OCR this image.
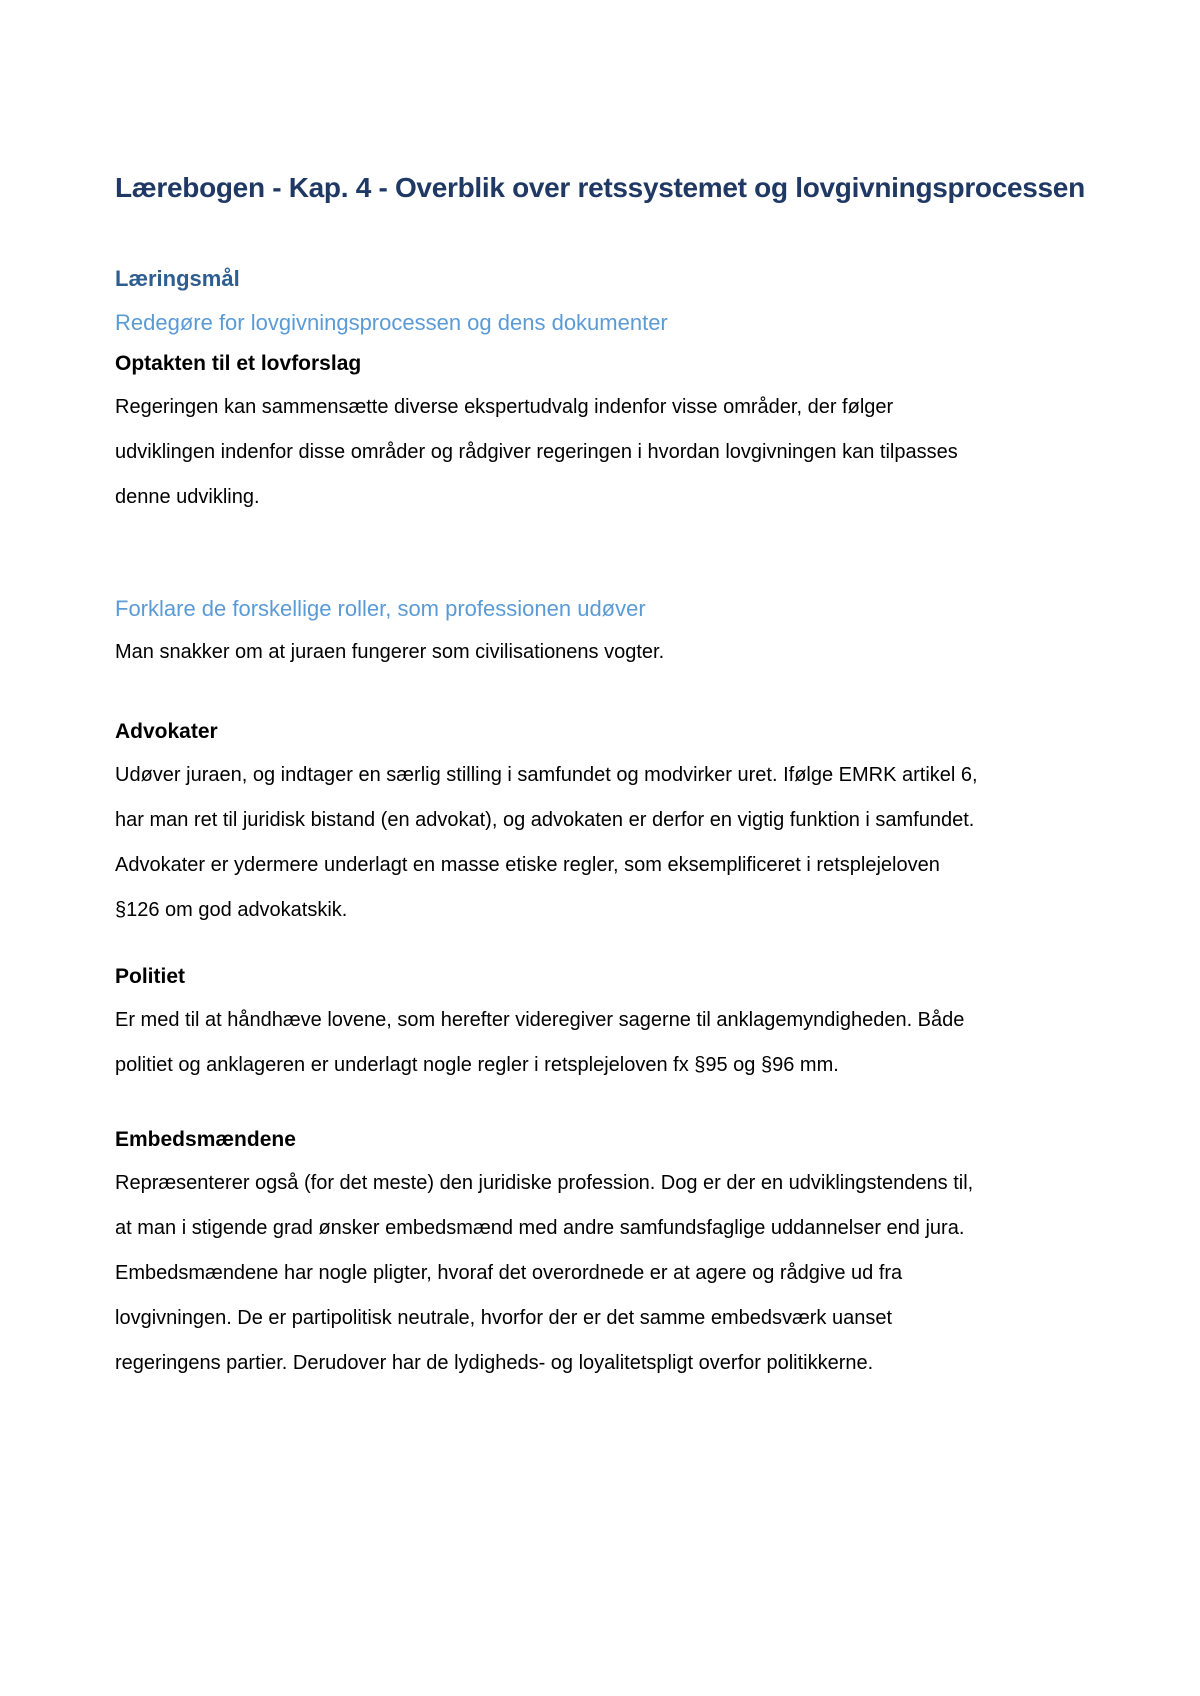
Lærebogen - Kap. 4 - Overblik over retssystemet og lovgivningsprocessen
Læringsmål
Redegøre for lovgivningsprocessen og dens dokumenter
Optakten til et lovforslag

Regeringen kan sammensætte diverse ekspertudvalg indenfor visse områder, der følger
udviklingen indenfor disse områder og rådgiver regeringen i hvordan lovgivningen kan tilpasses
denne udvikling.

Forklare de forskellige roller, som professionen udøver

Man snakker om at juraen fungerer som civilisationens vogter.

Advokater

Udøver juraen, og indtager en særlig stilling i samfundet og modvirker uret. Ifølge EMRK artikel 6,
har man ret til juridisk bistand (en advokat), og advokaten er derfor en vigtig funktion i samfundet.
Advokater er ydermere underlagt en masse etiske regler, som eksemplificeret i retsplejeloven
§126 om god advokatskik.

Politiet

Er med til at håndhæve lovene, som herefter videregiver sagerne til anklagemyndigheden. Både
politiet og anklageren er underlagt nogle regler i retsplejeloven fx §95 og §96 mm.

Embedsmændene

Repræsenterer også (for det meste) den juridiske profession. Dog er der en udviklingstendens til,
at man i stigende grad ønsker embedsmænd med andre samfundsfaglige uddannelser end jura.
Embedsmændene har nogle pligter, hvoraf det overordnede er at agere og rådgive ud fra
lovgivningen. De er partipolitisk neutrale, hvorfor der er det samme embedsværk uanset
regeringens partier. Derudover har de lydigheds- og loyalitetspligt overfor politikkerne.
